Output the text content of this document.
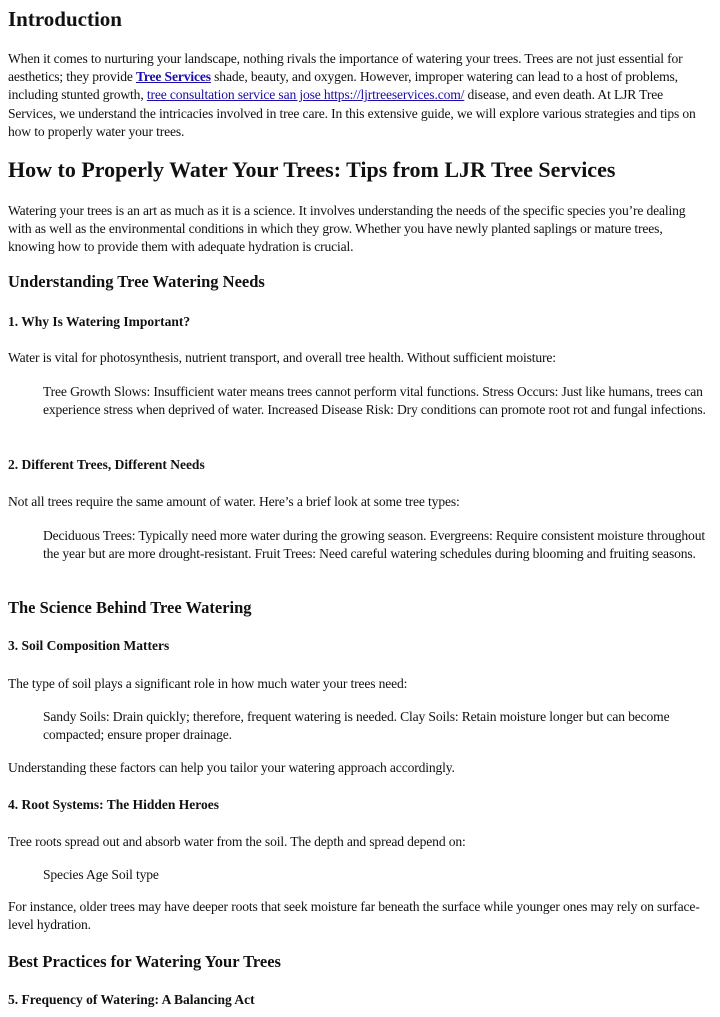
Introduction

When it comes to nurturing your landscape, nothing rivals the importance of watering your trees. Trees are not just essential for aesthetics; they provide Tree Services shade, beauty, and oxygen. However, improper watering can lead to a host of problems, including stunted growth, tree consultation service san jose https://ljrtreeservices.com/ disease, and even death. At LJR Tree Services, we understand the intricacies involved in tree care. In this extensive guide, we will explore various strategies and tips on how to properly water your trees.

How to Properly Water Your Trees: Tips from LJR Tree Services

Watering your trees is an art as much as it is a science. It involves understanding the needs of the specific species you’re dealing with as well as the environmental conditions in which they grow. Whether you have newly planted saplings or mature trees, knowing how to provide them with adequate hydration is crucial.

Understanding Tree Watering Needs
1. Why Is Watering Important?

Water is vital for photosynthesis, nutrient transport, and overall tree health. Without sufficient moisture:

Tree Growth Slows: Insufficient water means trees cannot perform vital functions. Stress Occurs: Just like humans, trees can experience stress when deprived of water. Increased Disease Risk: Dry conditions can promote root rot and fungal infections.

2. Different Trees, Different Needs

Not all trees require the same amount of water. Here’s a brief look at some tree types:

Deciduous Trees: Typically need more water during the growing season. Evergreens: Require consistent moisture throughout the year but are more drought-resistant. Fruit Trees: Need careful watering schedules during blooming and fruiting seasons.

The Science Behind Tree Watering
3. Soil Composition Matters

The type of soil plays a significant role in how much water your trees need:

Sandy Soils: Drain quickly; therefore, frequent watering is needed. Clay Soils: Retain moisture longer but can become compacted; ensure proper drainage.

Understanding these factors can help you tailor your watering approach accordingly.

4. Root Systems: The Hidden Heroes

Tree roots spread out and absorb water from the soil. The depth and spread depend on:

Species Age Soil type

For instance, older trees may have deeper roots that seek moisture far beneath the surface while younger ones may rely on surface-level hydration.

Best Practices for Watering Your Trees
5. Frequency of Watering: A Balancing Act
